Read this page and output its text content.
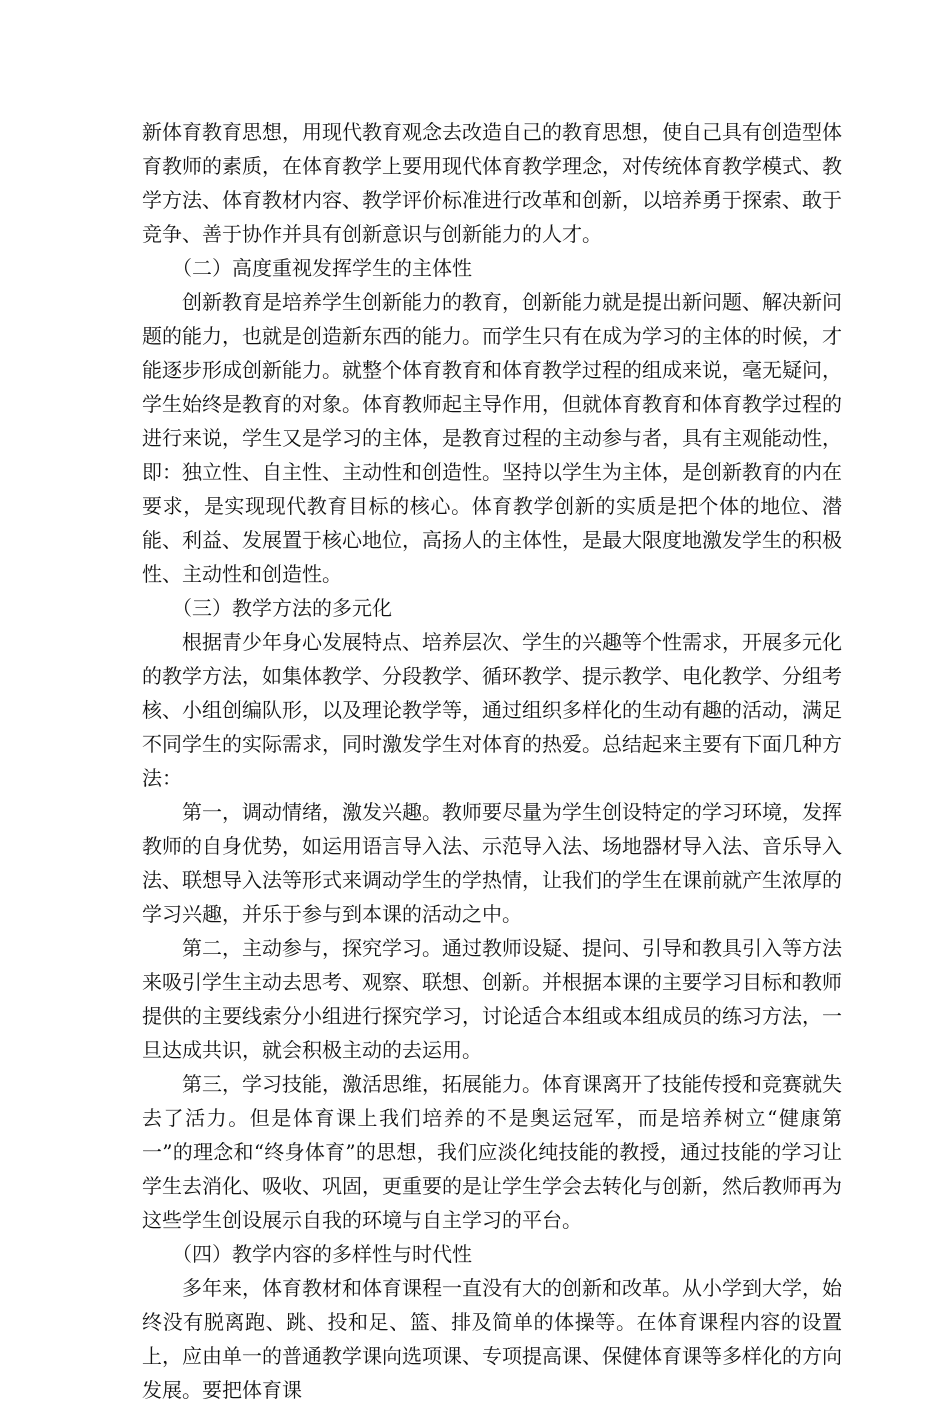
新体育教育思想，用现代教育观念去改造自己的教育思想，使自己具有创造型体育教师的素质，在体育教学上要用现代体育教学理念，对传统体育教学模式、教学方法、体育教材内容、教学评价标准进行改革和创新，以培养勇于探索、敢于竞争、善于协作并具有创新意识与创新能力的人才。

（二）高度重视发挥学生的主体性

创新教育是培养学生创新能力的教育，创新能力就是提出新问题、解决新问题的能力，也就是创造新东西的能力。而学生只有在成为学习的主体的时候，才能逐步形成创新能力。就整个体育教育和体育教学过程的组成来说，毫无疑问，学生始终是教育的对象。体育教师起主导作用，但就体育教育和体育教学过程的进行来说，学生又是学习的主体，是教育过程的主动参与者，具有主观能动性，即：独立性、自主性、主动性和创造性。坚持以学生为主体，是创新教育的内在要求，是实现现代教育目标的核心。体育教学创新的实质是把个体的地位、潜能、利益、发展置于核心地位，高扬人的主体性，是最大限度地激发学生的积极性、主动性和创造性。

（三）教学方法的多元化

根据青少年身心发展特点、培养层次、学生的兴趣等个性需求，开展多元化的教学方法，如集体教学、分段教学、循环教学、提示教学、电化教学、分组考核、小组创编队形，以及理论教学等，通过组织多样化的生动有趣的活动，满足不同学生的实际需求，同时激发学生对体育的热爱。总结起来主要有下面几种方法：

第一，调动情绪，激发兴趣。教师要尽量为学生创设特定的学习环境，发挥教师的自身优势，如运用语言导入法、示范导入法、场地器材导入法、音乐导入法、联想导入法等形式来调动学生的学热情，让我们的学生在课前就产生浓厚的学习兴趣，并乐于参与到本课的活动之中。

第二，主动参与，探究学习。通过教师设疑、提问、引导和教具引入等方法来吸引学生主动去思考、观察、联想、创新。并根据本课的主要学习目标和教师提供的主要线索分小组进行探究学习，讨论适合本组或本组成员的练习方法，一旦达成共识，就会积极主动的去运用。

第三，学习技能，激活思维，拓展能力。体育课离开了技能传授和竞赛就失去了活力。但是体育课上我们培养的不是奥运冠军，而是培养树立“健康第一”的理念和“终身体育”的思想，我们应淡化纯技能的教授，通过技能的学习让学生去消化、吸收、巩固，更重要的是让学生学会去转化与创新，然后教师再为这些学生创设展示自我的环境与自主学习的平台。

（四）教学内容的多样性与时代性

多年来，体育教材和体育课程一直没有大的创新和改革。从小学到大学，始终没有脱离跑、跳、投和足、篮、排及简单的体操等。在体育课程内容的设置上，应由单一的普通教学课向选项课、专项提高课、保健体育课等多样化的方向发展。要把体育课
